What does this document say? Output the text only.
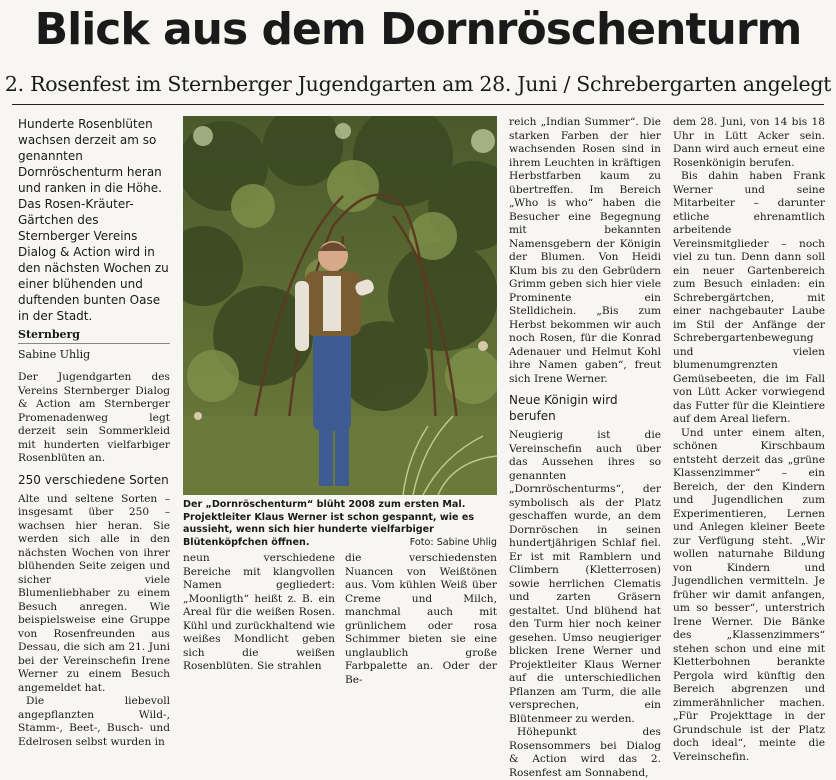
Blick aus dem Dornröschenturm
2. Rosenfest im Sternberger Jugendgarten am 28. Juni / Schrebergarten angelegt

Hunderte Rosenblüten wachsen derzeit am so genannten Dornröschenturm heran und ranken in die Höhe. Das Rosen-Kräuter-Gärtchen des Sternberger Vereins Dialog & Action wird in den nächsten Wochen zu einer blühenden und duftenden bunten Oase in der Stadt.

Sternberg
Sabine Uhlig

Der Jugendgarten des Vereins Sternberger Dialog & Action am Sternberger Promenadenweg legt derzeit sein Sommerkleid mit hunderten vielfarbiger Rosenblüten an.

250 verschiedene Sorten

Alte und seltene Sorten – insgesamt über 250 – wachsen hier heran. Sie werden sich alle in den nächsten Wochen von ihrer blühenden Seite zeigen und sicher viele Blumenliebhaber zu einem Besuch anregen. Wie beispielsweise eine Gruppe von Rosenfreunden aus Dessau, die sich am 21. Juni bei der Vereinschefin Irene Werner zu einem Besuch angemeldet hat.

Die liebevoll angepflanzten Wild-, Stamm-, Beet-, Busch- und Edelrosen selbst wurden in

Der „Dornröschenturm“ blüht 2008 zum ersten Mal. Projektleiter Klaus Werner ist schon gespannt, wie es aussieht, wenn sich hier hunderte vielfarbiger Blütenköpfchen öffnen.	Foto: Sabine Uhlig

neun verschiedene Bereiche mit klangvollen Namen gegliedert: „Moonligth“ heißt z. B. ein Areal für die weißen Rosen. Kühl und zurückhaltend wie weißes Mondlicht geben sich die weißen Rosenblüten. Sie strahlen

die verschiedensten Nuancen von Weißtönen aus. Vom kühlen Weiß über Creme und Milch, manchmal auch mit grünlichem oder rosa Schimmer bieten sie eine unglaublich große Farbpalette an. Oder der Be-

reich „Indian Summer“. Die starken Farben der hier wachsenden Rosen sind in ihrem Leuchten in kräftigen Herbstfarben kaum zu übertreffen. Im Bereich „Who is who“ haben die Besucher eine Begegnung mit bekannten Namensgebern der Königin der Blumen. Von Heidi Klum bis zu den Gebrüdern Grimm geben sich hier viele Prominente ein Stelldichein. „Bis zum Herbst bekommen wir auch noch Rosen, für die Konrad Adenauer und Helmut Kohl ihre Namen gaben“, freut sich Irene Werner.

Neue Königin wird berufen

Neugierig ist die Vereinschefin auch über das Aussehen ihres so genannten „Dornröschenturms“, der symbolisch als der Platz geschaffen wurde, an dem Dornröschen in seinen hundertjährigen Schlaf fiel. Er ist mit Ramblern und Climbern (Kletterrosen) sowie herrlichen Clematis und zarten Gräsern gestaltet. Und blühend hat den Turm hier noch keiner gesehen. Umso neugieriger blicken Irene Werner und Projektleiter Klaus Werner auf die unterschiedlichen Pflanzen am Turm, die alle versprechen, ein Blütenmeer zu werden.

Höhepunkt des Rosensommers bei Dialog & Action wird das 2. Rosenfest am Sonnabend,

dem 28. Juni, von 14 bis 18 Uhr in Lütt Acker sein. Dann wird auch erneut eine Rosenkönigin berufen.

Bis dahin haben Frank Werner und seine Mitarbeiter – darunter etliche ehrenamtlich arbeitende Vereinsmitglieder – noch viel zu tun. Denn dann soll ein neuer Gartenbereich zum Besuch einladen: ein Schrebergärtchen, mit einer nachgebauter Laube im Stil der Anfänge der Schrebergartenbewegung und vielen blumenumgrenzten Gemüsebeeten, die im Fall von Lütt Acker vorwiegend das Futter für die Kleintiere auf dem Areal liefern.

Und unter einem alten, schönen Kirschbaum entsteht derzeit das „grüne Klassenzimmer“ – ein Bereich, der den Kindern und Jugendlichen zum Experimentieren, Lernen und Anlegen kleiner Beete zur Verfügung steht. „Wir wollen naturnahe Bildung von Kindern und Jugendlichen vermitteln. Je früher wir damit anfangen, um so besser“, unterstrich Irene Werner. Die Bänke des „Klassenzimmers“ stehen schon und eine mit Kletterbohnen berankte Pergola wird künftig den Bereich abgrenzen und zimmerähnlicher machen. „Für Projekttage in der Grundschule ist der Platz doch ideal“, meinte die Vereinschefin.
